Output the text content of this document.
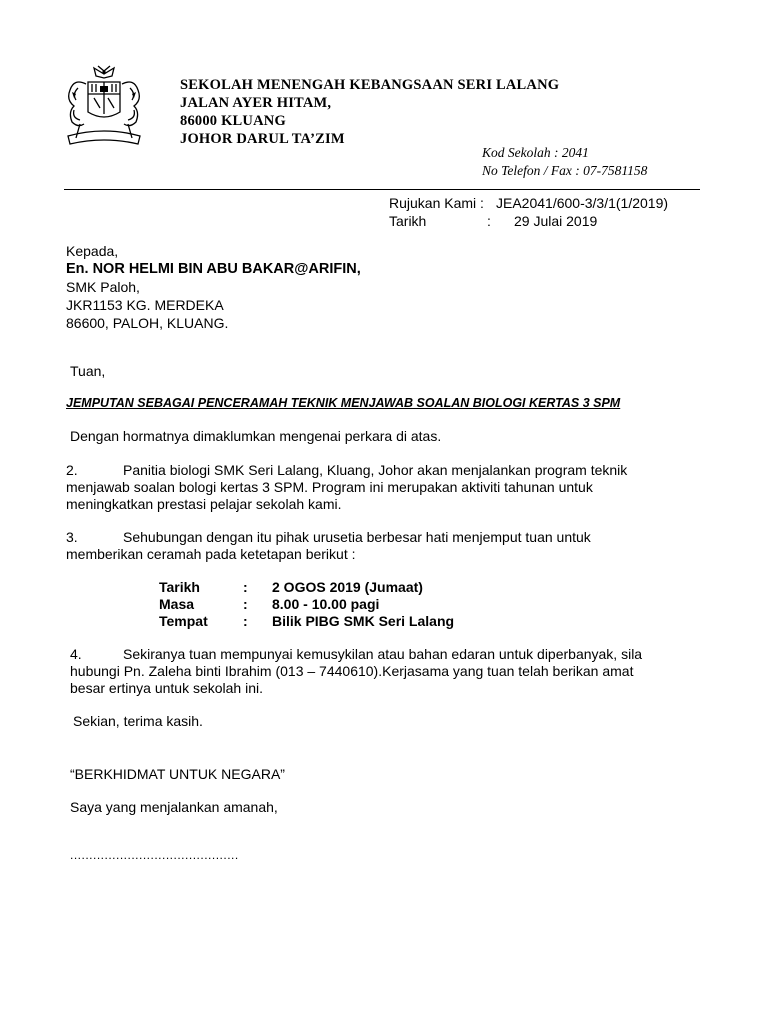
SEKOLAH MENENGAH KEBANGSAAN SERI LALANG
JALAN AYER HITAM,
86000 KLUANG
JOHOR DARUL TA’ZIM
Kod Sekolah : 2041
No Telefon / Fax : 07-7581158
Rujukan Kami : JEA2041/600-3/3/1(1/2019)
Tarikh	:	29 Julai 2019
Kepada,
En. NOR HELMI BIN ABU BAKAR@ARIFIN,
SMK Paloh,
JKR1153 KG. MERDEKA
86600, PALOH, KLUANG.
Tuan,
JEMPUTAN SEBAGAI PENCERAMAH TEKNIK MENJAWAB SOALAN BIOLOGI KERTAS 3 SPM
Dengan hormatnya dimaklumkan mengenai perkara di atas.
2.	Panitia biologi SMK Seri Lalang, Kluang, Johor akan menjalankan program teknik
menjawab soalan bologi kertas 3 SPM. Program ini merupakan aktiviti tahunan untuk
meningkatkan prestasi pelajar sekolah kami.
3.	Sehubungan dengan itu pihak urusetia berbesar hati menjemput tuan untuk
memberikan ceramah pada ketetapan berikut :
Tarikh	:	2 OGOS 2019 (Jumaat)
Masa	:	8.00 - 10.00 pagi
Tempat	:	Bilik PIBG SMK Seri Lalang
4.	Sekiranya tuan mempunyai kemusykilan atau bahan edaran untuk diperbanyak, sila
hubungi Pn. Zaleha binti Ibrahim (013 – 7440610).Kerjasama yang tuan telah berikan amat
besar ertinya untuk sekolah ini.
Sekian, terima kasih.
“BERKHIDMAT UNTUK NEGARA”
Saya yang menjalankan amanah,
............................................
